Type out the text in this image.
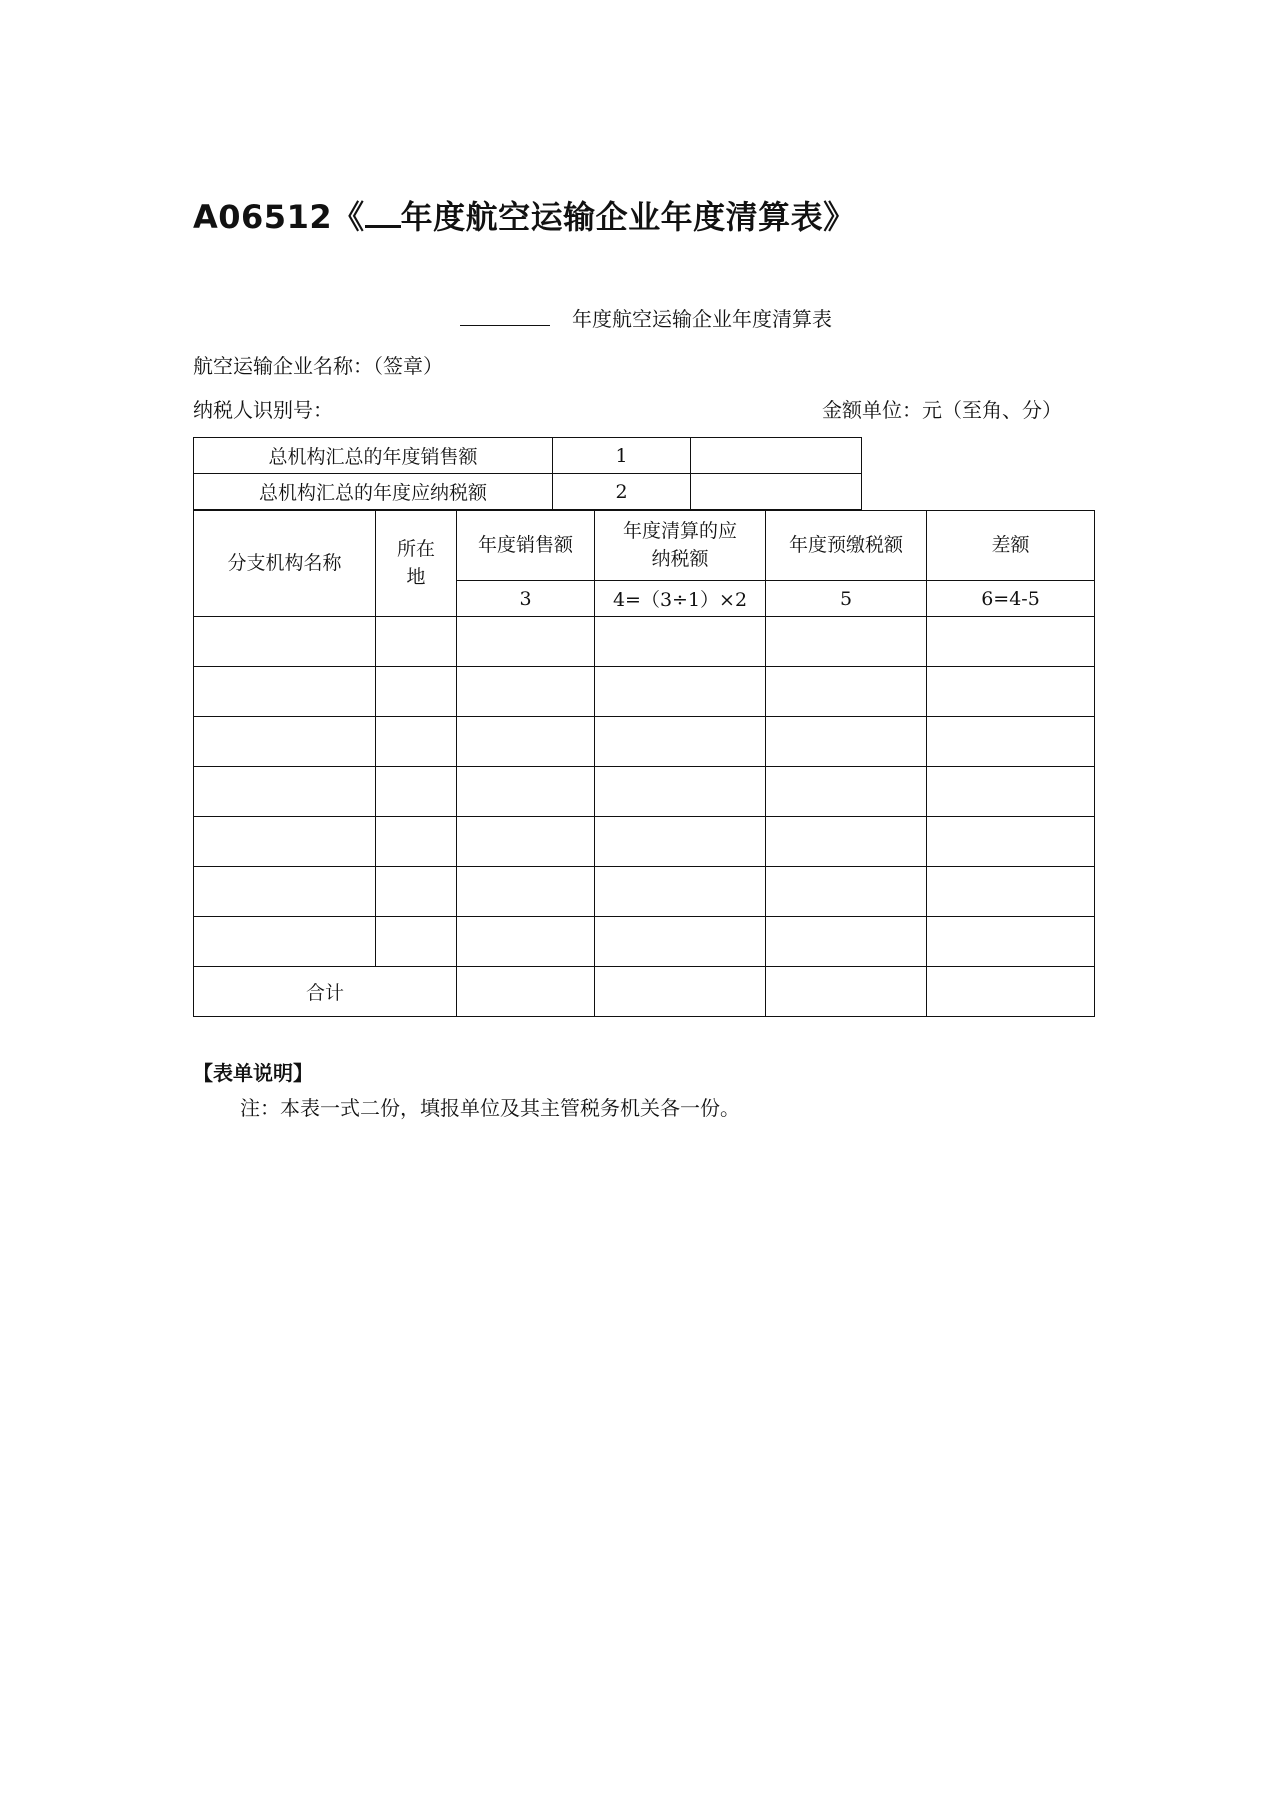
A06512《 年度航空运输企业年度清算表》
年度航空运输企业年度清算表
航空运输企业名称：（签章）
纳税人识别号：	金额单位：元（至角、分）
总机构汇总的年度销售额	1	
总机构汇总的年度应纳税额	2	
分支机构名称	所在地	年度销售额	年度清算的应纳税额	年度预缴税额	差额
		3	4=（3÷1）×2	5	6=4-5

合计					
【表单说明】
注：本表一式二份，填报单位及其主管税务机关各一份。
